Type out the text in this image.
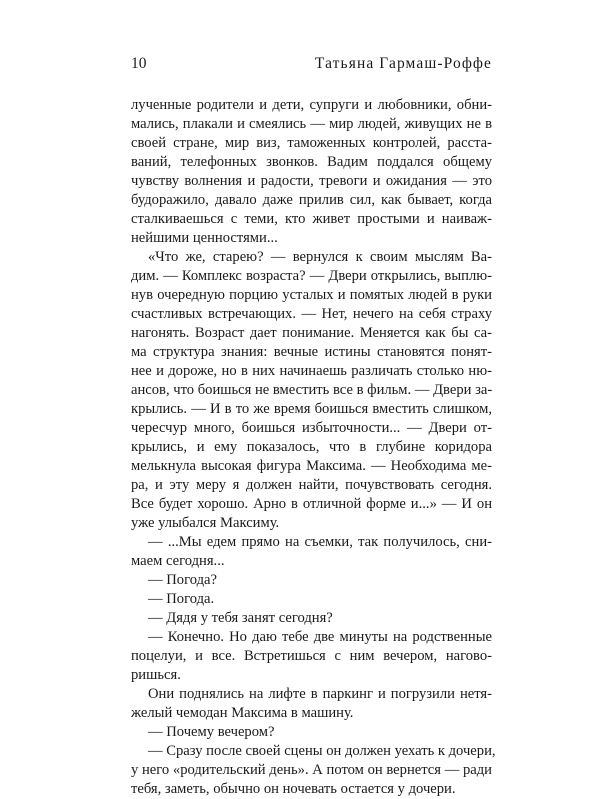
10	Татьяна Гармаш-Роффе
лученные родители и дети, супруги и любовники, обни-
мались, плакали и смеялись — мир людей, живущих не в
своей стране, мир виз, таможенных контролей, расста-
ваний, телефонных звонков. Вадим поддался общему
чувству волнения и радости, тревоги и ожидания — это
будоражило, давало даже прилив сил, как бывает, когда
сталкиваешься с теми, кто живет простыми и наиваж-
нейшими ценностями...
«Что же, старею? — вернулся к своим мыслям Ва-
дим. — Комплекс возраста? — Двери открылись, выплю-
нув очередную порцию усталых и помятых людей в руки
счастливых встречающих. — Нет, нечего на себя страху
нагонять. Возраст дает понимание. Меняется как бы са-
ма структура знания: вечные истины становятся понят-
нее и дороже, но в них начинаешь различать столько ню-
ансов, что боишься не вместить все в фильм. — Двери за-
крылись. — И в то же время боишься вместить слишком,
чересчур много, боишься избыточности... — Двери от-
крылись, и ему показалось, что в глубине коридора
мелькнула высокая фигура Максима. — Необходима ме-
ра, и эту меру я должен найти, почувствовать сегодня.
Все будет хорошо. Арно в отличной форме и...» — И он
уже улыбался Максиму.
— ...Мы едем прямо на съемки, так получилось, сни-
маем сегодня...
— Погода?
— Погода.
— Дядя у тебя занят сегодня?
— Конечно. Но даю тебе две минуты на родственные
поцелуи, и все. Встретишься с ним вечером, нагово-
ришься.
Они поднялись на лифте в паркинг и погрузили нетя-
желый чемодан Максима в машину.
— Почему вечером?
— Сразу после своей сцены он должен уехать к дочери,
у него «родительский день». А потом он вернется — ради
тебя, заметь, обычно он ночевать остается у дочери.
